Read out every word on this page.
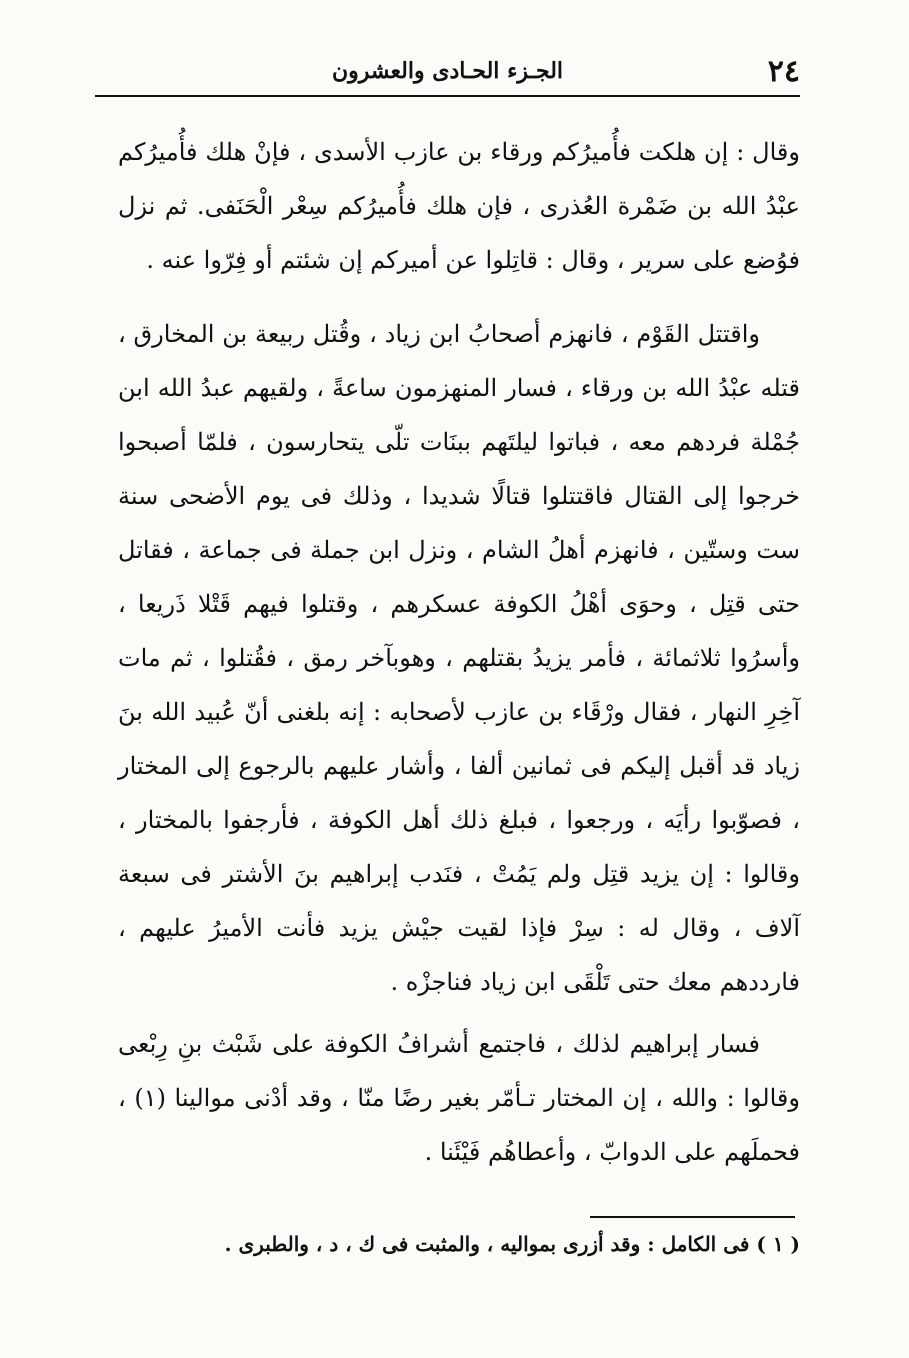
٢٤
الجـزء الحـادى والعشرون

وقال : إن هلكت فأُميرُكم ورقاء بن عازب الأسدى ، فإنْ هلك فأُميرُكم عبْدُ الله بن ضَمْرة العُذرى ، فإن هلك فأُميرُكم سِعْر الْحَنَفى. ثم نزل فوُضع على سرير ، وقال : قاتِلوا عن أميركم إن شئتم أو فِرّوا عنه .

واقتتل القَوْم ، فانهزم أصحابُ ابن زياد ، وقُتل ربيعة بن المخارق ، قتله عبْدُ الله بن ورقاء ، فسار المنهزمون ساعةً ، ولقيهم عبدُ الله ابن جُمْلة فردهم معه ، فباتوا ليلتَهم ببنَات تلّى يتحارسون ، فلمّا أصبحوا خرجوا إلى القتال فاقتتلوا قتالًا شديدا ، وذلك فى يوم الأضحى سنة ست وستّين ، فانهزم أهلُ الشام ، ونزل ابن جملة فى جماعة ، فقاتل حتى قتِل ، وحوَى أهْلُ الكوفة عسكرهم ، وقتلوا فيهم قَتْلا ذَريعا ، وأسرُوا ثلاثمائة ، فأمر يزيدُ بقتلهم ، وهوبآخر رمق ، فقُتلوا ، ثم مات آخِرِ النهار ، فقال ورْقَاء بن عازب لأصحابه : إنه بلغنى أنّ عُبيد الله بنَ زياد قد أقبل إليكم فى ثمانين ألفا ، وأشار عليهم بالرجوع إلى المختار ، فصوّبوا رأيَه ، ورجعوا ، فبلغ ذلك أهل الكوفة ، فأرجفوا بالمختار ، وقالوا : إن يزيد قتِل ولم يَمُتْ ، فنَدب إبراهيم بنَ الأشتر فى سبعة آلاف ، وقال له : سِرْ فإذا لقيت جيْش يزيد فأنت الأميرُ عليهم ، فارددهم معك حتى تَلْقَى ابن زياد فناجزْه .

فسار إبراهيم لذلك ، فاجتمع أشرافُ الكوفة على شَبْث بنِ رِبْعى وقالوا : والله ، إن المختار تـأمّر بغير رضًا منّا ، وقد أدْنى موالينا (١) ، فحملَهم على الدوابّ ، وأعطاهُم فَيْئَنا .

( ١ ) فى الكامل : وقد أزرى بمواليه ، والمثبت فى ك ، د ، والطبرى .
